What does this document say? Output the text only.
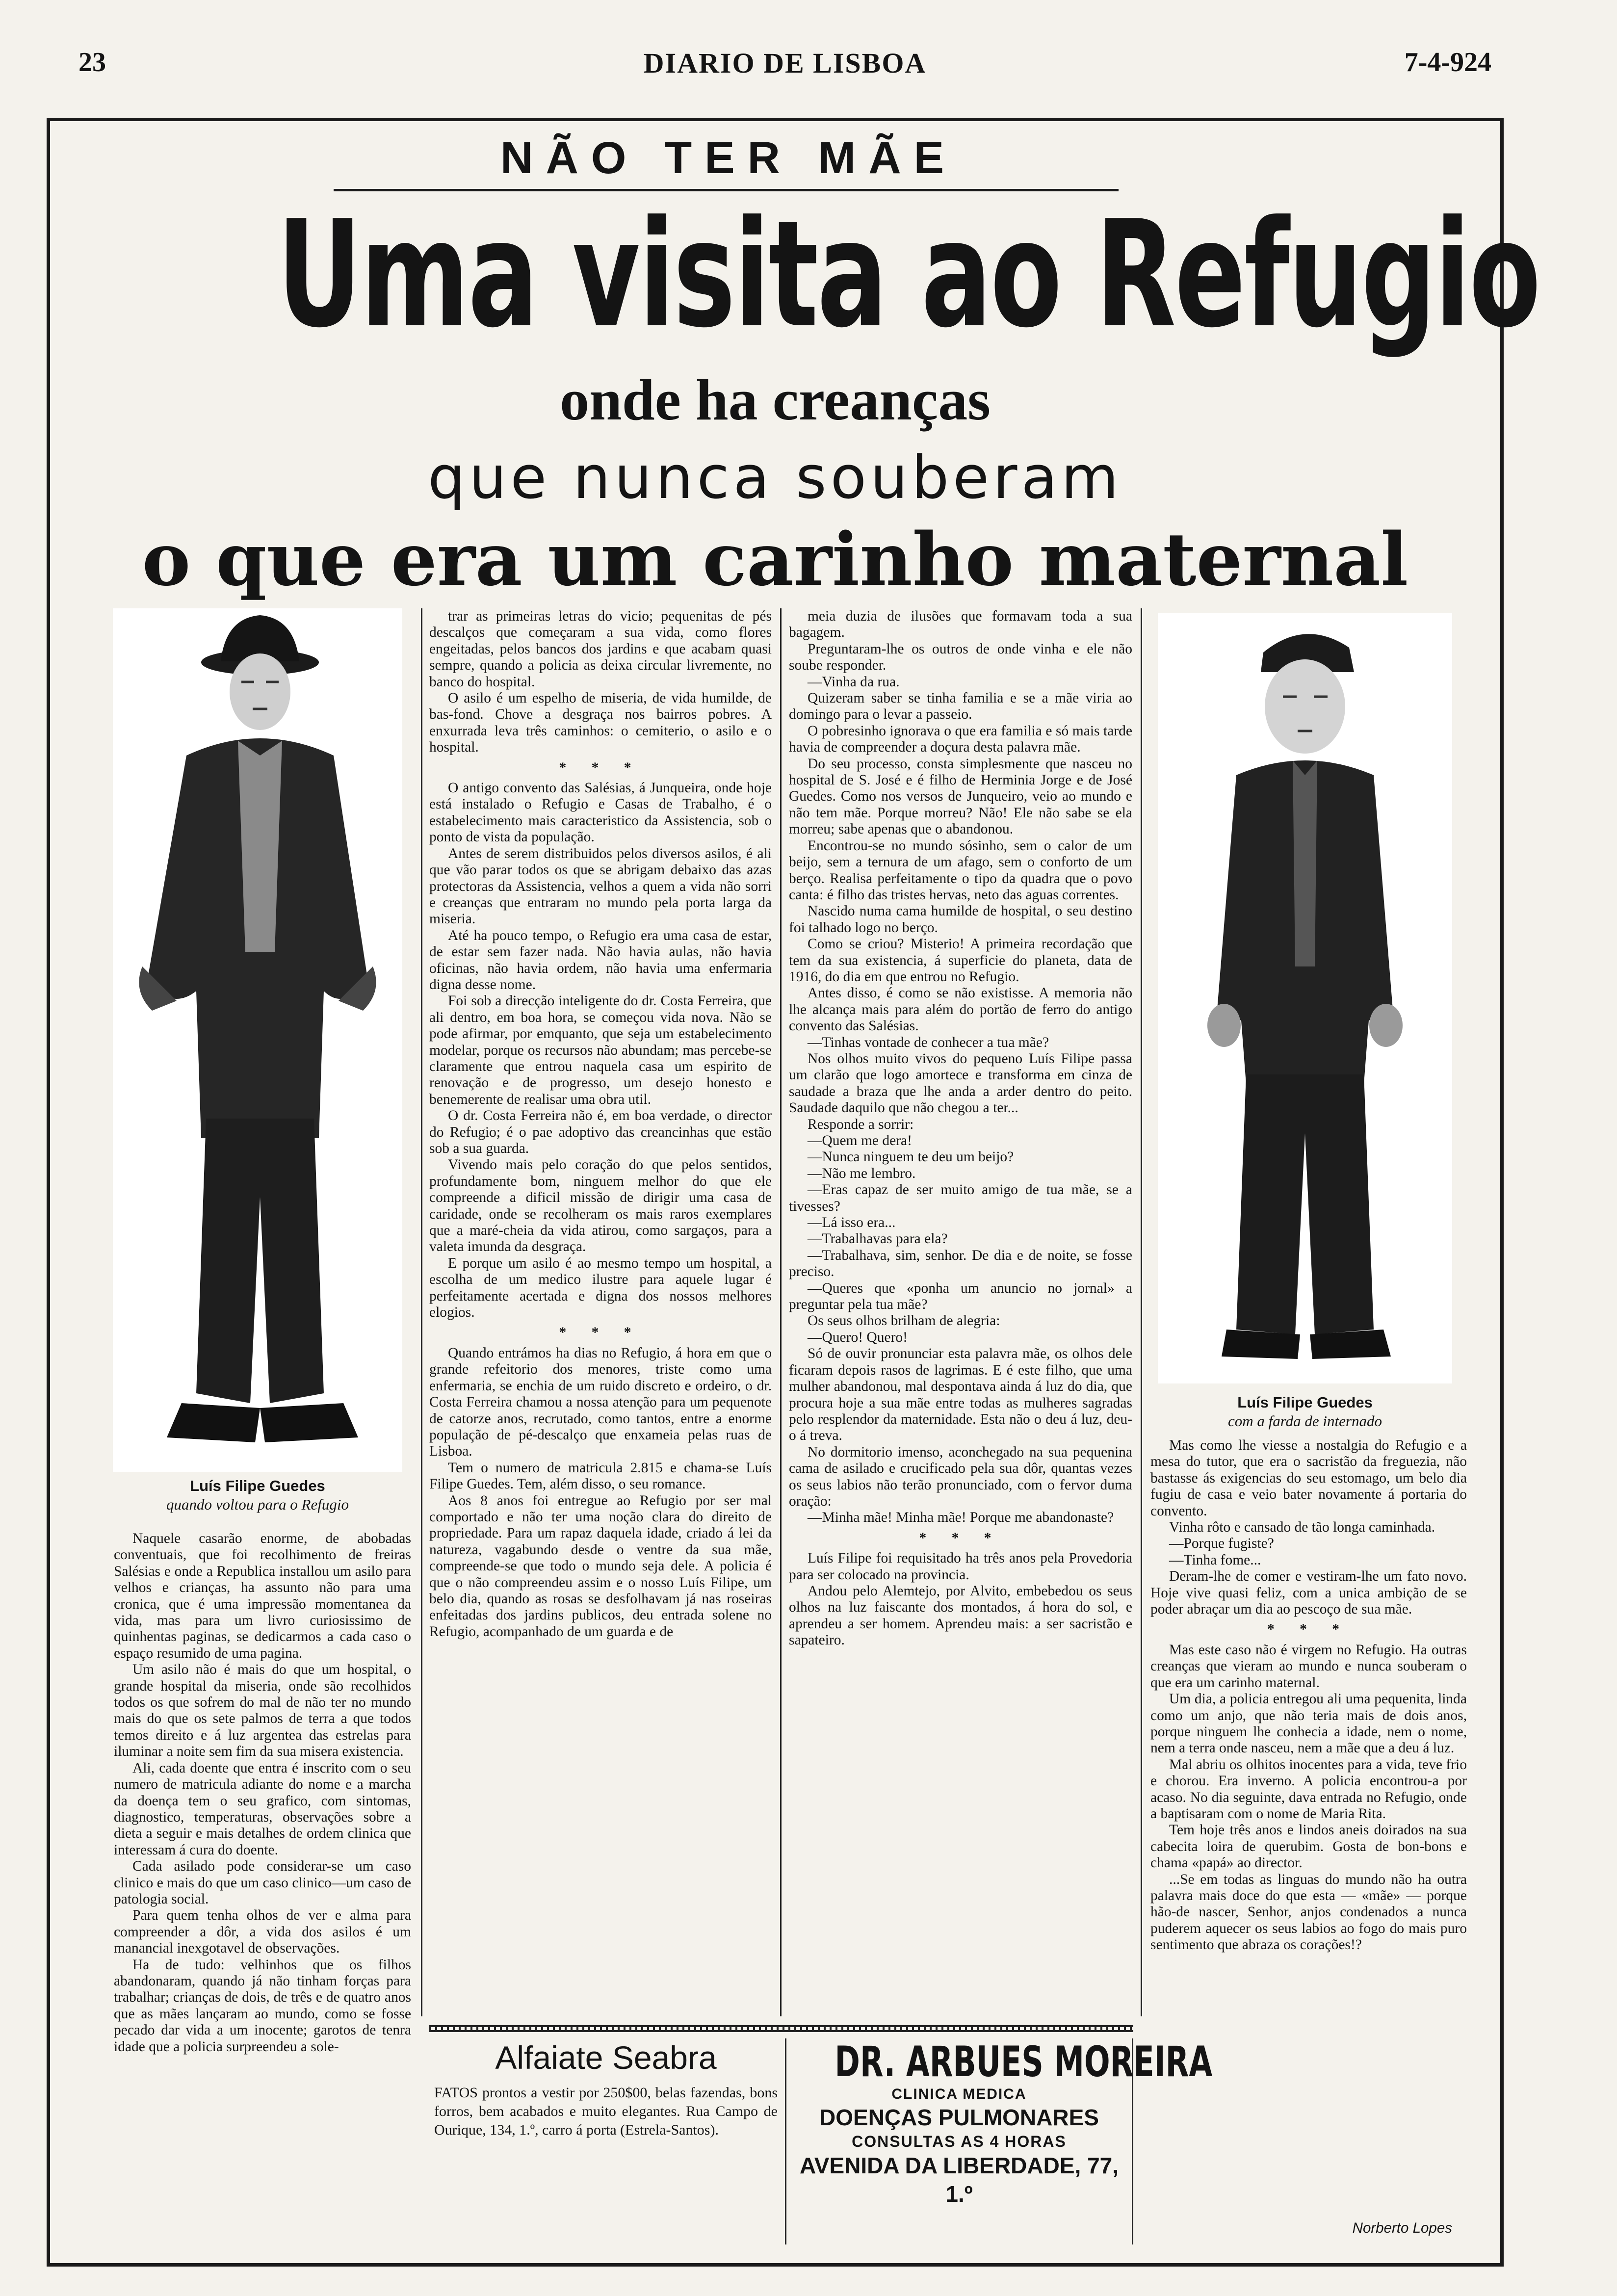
DIARIO DE LISBOA
23	7-4-924
NÃO TER MÃE
Uma visita ao Refugio
onde ha creanças
que nunca souberam
o que era um carinho maternal
Luís Filipe Guedes
quando voltou para o Refugio
Luís Filipe Guedes
com a farda de internado

Naquele casarão enorme, de abobadas conventuais, que foi recolhimento de freiras Salésias e onde a Republica installou um asilo para velhos e crianças, ha assunto não para uma cronica, que é uma impressão momentanea da vida, mas para um livro curiosissimo de quinhentas paginas, se dedicarmos a cada caso o espaço resumido de uma pagina.

Um asilo não é mais do que um hospital, o grande hospital da miseria, onde são recolhidos todos os que sofrem do mal de não ter no mundo mais do que os sete palmos de terra a que todos temos direito e á luz argentea das estrelas para iluminar a noite sem fim da sua misera existencia.

Ali, cada doente que entra é inscrito com o seu numero de matricula adiante do nome e a marcha da doença tem o seu grafico, com sintomas, diagnostico, temperaturas, observações sobre a dieta a seguir e mais detalhes de ordem clinica que interessam á cura do doente.

Cada asilado pode considerar-se um caso clinico e mais do que um caso clinico—um caso de patologia social.

Para quem tenha olhos de ver e alma para compreender a dôr, a vida dos asilos é um manancial inexgotavel de observações.

Ha de tudo: velhinhos que os filhos abandonaram, quando já não tinham forças para trabalhar; crianças de dois, de três e de quatro anos que as mães lançaram ao mundo, como se fosse pecado dar vida a um inocente; garotos de tenra idade que a policia surpreendeu a sole-

trar as primeiras letras do vicio; pequenitas de pés descalços que começaram a sua vida, como flores engeitadas, pelos bancos dos jardins e que acabam quasi sempre, quando a policia as deixa circular livremente, no banco do hospital.

O asilo é um espelho de miseria, de vida humilde, de bas-fond. Chove a desgraça nos bairros pobres. A enxurrada leva três caminhos: o cemiterio, o asilo e o hospital.

* * *

O antigo convento das Salésias, á Junqueira, onde hoje está instalado o Refugio e Casas de Trabalho, é o estabelecimento mais caracteristico da Assistencia, sob o ponto de vista da população.

Antes de serem distribuidos pelos diversos asilos, é ali que vão parar todos os que se abrigam debaixo das azas protectoras da Assistencia, velhos a quem a vida não sorri e creanças que entraram no mundo pela porta larga da miseria.

Até ha pouco tempo, o Refugio era uma casa de estar, de estar sem fazer nada. Não havia aulas, não havia oficinas, não havia ordem, não havia uma enfermaria digna desse nome.

Foi sob a direcção inteligente do dr. Costa Ferreira, que ali dentro, em boa hora, se começou vida nova. Não se pode afirmar, por emquanto, que seja um estabelecimento modelar, porque os recursos não abundam; mas percebe-se claramente que entrou naquela casa um espirito de renovação e de progresso, um desejo honesto e benemerente de realisar uma obra util.

O dr. Costa Ferreira não é, em boa verdade, o director do Refugio; é o pae adoptivo das creancinhas que estão sob a sua guarda.

Vivendo mais pelo coração do que pelos sentidos, profundamente bom, ninguem melhor do que ele compreende a dificil missão de dirigir uma casa de caridade, onde se recolheram os mais raros exemplares que a maré-cheia da vida atirou, como sargaços, para a valeta imunda da desgraça.

E porque um asilo é ao mesmo tempo um hospital, a escolha de um medico ilustre para aquele lugar é perfeitamente acertada e digna dos nossos melhores elogios.

* * *

Quando entrámos ha dias no Refugio, á hora em que o grande refeitorio dos menores, triste como uma enfermaria, se enchia de um ruido discreto e ordeiro, o dr. Costa Ferreira chamou a nossa atenção para um pequenote de catorze anos, recrutado, como tantos, entre a enorme população de pé-descalço que enxameia pelas ruas de Lisboa.

Tem o numero de matricula 2.815 e chama-se Luís Filipe Guedes. Tem, além disso, o seu romance.

Aos 8 anos foi entregue ao Refugio por ser mal comportado e não ter uma noção clara do direito de propriedade. Para um rapaz daquela idade, criado á lei da natureza, vagabundo desde o ventre da sua mãe, compreende-se que todo o mundo seja dele. A policia é que o não compreendeu assim e o nosso Luís Filipe, um belo dia, quando as rosas se desfolhavam já nas roseiras enfeitadas dos jardins publicos, deu entrada solene no Refugio, acompanhado de um guarda e de

meia duzia de ilusões que formavam toda a sua bagagem.

Preguntaram-lhe os outros de onde vinha e ele não soube responder.

—Vinha da rua.

Quizeram saber se tinha familia e se a mãe viria ao domingo para o levar a passeio.

O pobresinho ignorava o que era familia e só mais tarde havia de compreender a doçura desta palavra mãe.

Do seu processo, consta simplesmente que nasceu no hospital de S. José e é filho de Herminia Jorge e de José Guedes. Como nos versos de Junqueiro, veio ao mundo e não tem mãe. Porque morreu? Não! Ele não sabe se ela morreu; sabe apenas que o abandonou.

Encontrou-se no mundo sósinho, sem o calor de um beijo, sem a ternura de um afago, sem o conforto de um berço. Realisa perfeitamente o tipo da quadra que o povo canta: é filho das tristes hervas, neto das aguas correntes.

Nascido numa cama humilde de hospital, o seu destino foi talhado logo no berço.

Como se criou? Misterio! A primeira recordação que tem da sua existencia, á superficie do planeta, data de 1916, do dia em que entrou no Refugio.

Antes disso, é como se não existisse. A memoria não lhe alcança mais para além do portão de ferro do antigo convento das Salésias.

—Tinhas vontade de conhecer a tua mãe?

Nos olhos muito vivos do pequeno Luís Filipe passa um clarão que logo amortece e transforma em cinza de saudade a braza que lhe anda a arder dentro do peito. Saudade daquilo que não chegou a ter...

Responde a sorrir:

—Quem me dera!

—Nunca ninguem te deu um beijo?

—Não me lembro.

—Eras capaz de ser muito amigo de tua mãe, se a tivesses?

—Lá isso era...

—Trabalhavas para ela?

—Trabalhava, sim, senhor. De dia e de noite, se fosse preciso.

—Queres que «ponha um anuncio no jornal» a preguntar pela tua mãe?

Os seus olhos brilham de alegria:

—Quero! Quero!

Só de ouvir pronunciar esta palavra mãe, os olhos dele ficaram depois rasos de lagrimas. E é este filho, que uma mulher abandonou, mal despontava ainda á luz do dia, que procura hoje a sua mãe entre todas as mulheres sagradas pelo resplendor da maternidade. Esta não o deu á luz, deu-o á treva.

No dormitorio imenso, aconchegado na sua pequenina cama de asilado e crucificado pela sua dôr, quantas vezes os seus labios não terão pronunciado, com o fervor duma oração:

—Minha mãe! Minha mãe! Porque me abandonaste?

* * *

Luís Filipe foi requisitado ha três anos pela Provedoria para ser colocado na provincia.

Andou pelo Alemtejo, por Alvito, embebedou os seus olhos na luz faiscante dos montados, á hora do sol, e aprendeu a ser homem. Aprendeu mais: a ser sacristão e sapateiro.

Mas como lhe viesse a nostalgia do Refugio e a mesa do tutor, que era o sacristão da freguezia, não bastasse ás exigencias do seu estomago, um belo dia fugiu de casa e veio bater novamente á portaria do convento.

Vinha rôto e cansado de tão longa caminhada.

—Porque fugiste?

—Tinha fome...

Deram-lhe de comer e vestiram-lhe um fato novo. Hoje vive quasi feliz, com a unica ambição de se poder abraçar um dia ao pescoço de sua mãe.

* * *

Mas este caso não é virgem no Refugio. Ha outras creanças que vieram ao mundo e nunca souberam o que era um carinho maternal.

Um dia, a policia entregou ali uma pequenita, linda como um anjo, que não teria mais de dois anos, porque ninguem lhe conhecia a idade, nem o nome, nem a terra onde nasceu, nem a mãe que a deu á luz.

Mal abriu os olhitos inocentes para a vida, teve frio e chorou. Era inverno. A policia encontrou-a por acaso. No dia seguinte, dava entrada no Refugio, onde a baptisaram com o nome de Maria Rita.

Tem hoje três anos e lindos aneis doirados na sua cabecita loira de querubim. Gosta de bon-bons e chama «papá» ao director.

...Se em todas as linguas do mundo não ha outra palavra mais doce do que esta — «mãe» — porque hão-de nascer, Senhor, anjos condenados a nunca puderem aquecer os seus labios ao fogo do mais puro sentimento que abraza os corações!?

Norberto Lopes

Alfaiate Seabra
FATOS prontos a vestir por 250$00, belas fazendas, bons forros, bem acabados e muito elegantes. Rua Campo de Ourique, 134, 1.º, carro á porta (Estrela-Santos).
DR. ARBUES MOREIRA
CLINICA MEDICA
DOENÇAS PULMONARES
CONSULTAS AS 4 HORAS
AVENIDA DA LIBERDADE, 77, 1.º
